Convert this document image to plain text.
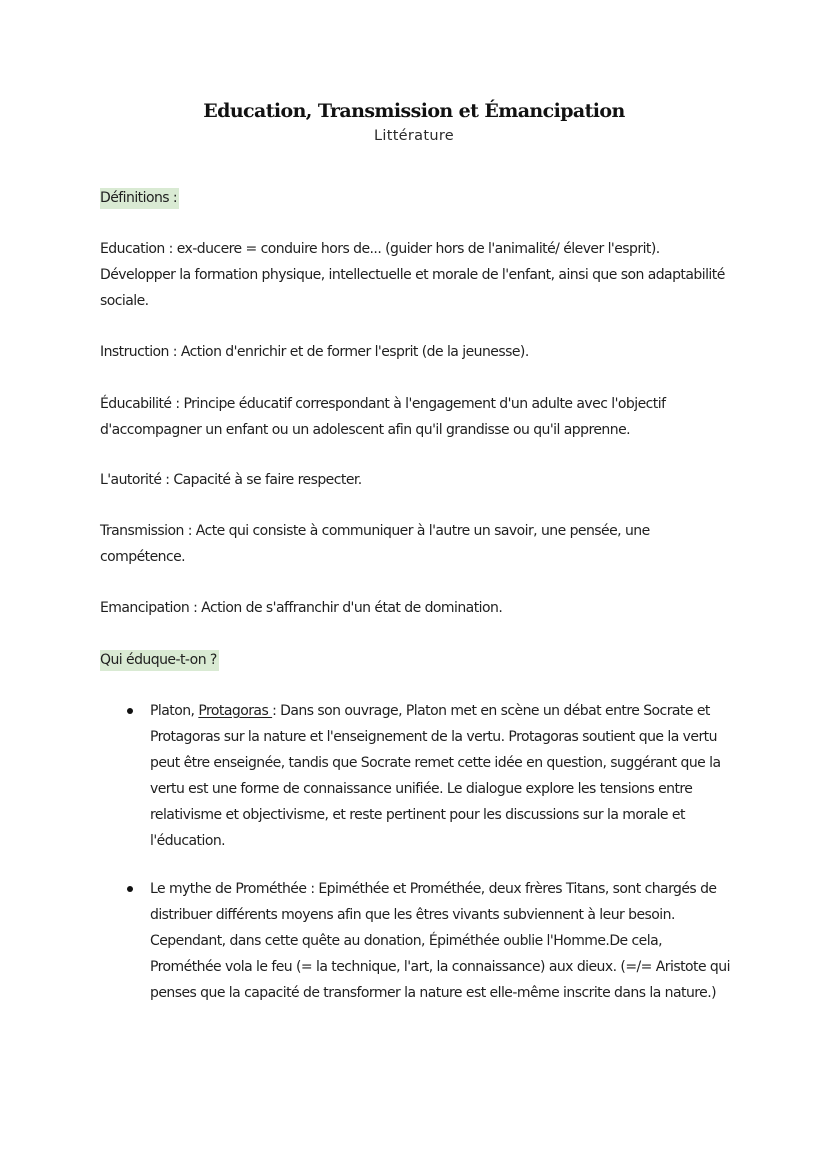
Education, Transmission et Émancipation
Littérature
Définitions :

Education : ex-ducere = conduire hors de... (guider hors de l'animalité/ élever l'esprit). Développer la formation physique, intellectuelle et morale de l'enfant, ainsi que son adaptabilité sociale.

Instruction : Action d'enrichir et de former l'esprit (de la jeunesse).

Éducabilité : Principe éducatif correspondant à l'engagement d'un adulte avec l'objectif d'accompagner un enfant ou un adolescent afin qu'il grandisse ou qu'il apprenne.

L'autorité : Capacité à se faire respecter.

Transmission : Acte qui consiste à communiquer à l'autre un savoir, une pensée, une compétence.

Emancipation : Action de s'affranchir d'un état de domination.

Qui éduque-t-on ?

Platon, Protagoras : Dans son ouvrage, Platon met en scène un débat entre Socrate et Protagoras sur la nature et l'enseignement de la vertu. Protagoras soutient que la vertu peut être enseignée, tandis que Socrate remet cette idée en question, suggérant que la vertu est une forme de connaissance unifiée. Le dialogue explore les tensions entre relativisme et objectivisme, et reste pertinent pour les discussions sur la morale et l'éducation.

Le mythe de Prométhée : Epiméthée et Prométhée, deux frères Titans, sont chargés de distribuer différents moyens afin que les êtres vivants subviennent à leur besoin. Cependant, dans cette quête au donation, Épiméthée oublie l'Homme.De cela, Prométhée vola le feu (= la technique, l'art, la connaissance) aux dieux. (=/= Aristote qui penses que la capacité de transformer la nature est elle-même inscrite dans la nature.)
